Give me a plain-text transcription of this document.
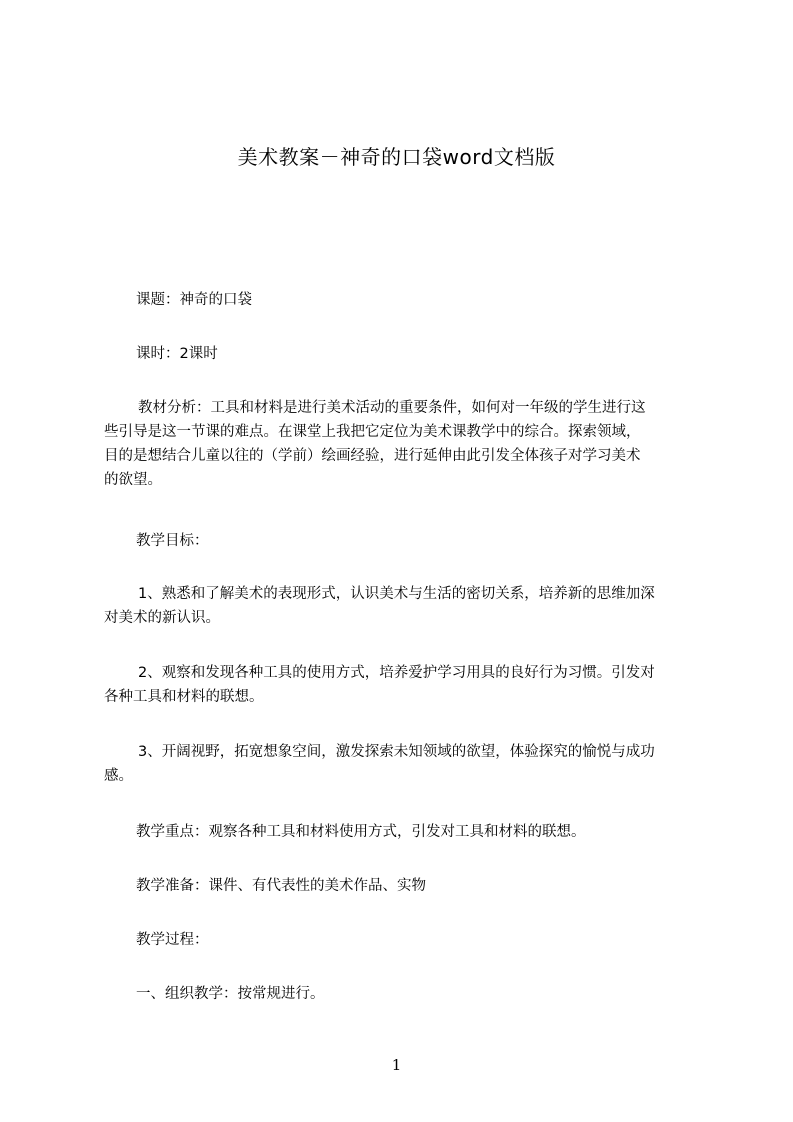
美术教案－神奇的口袋word文档版
课题：神奇的口袋
课时：2课时
教材分析：工具和材料是进行美术活动的重要条件，如何对一年级的学生进行这
些引导是这一节课的难点。在课堂上我把它定位为美术课教学中的综合。探索领域，
目的是想结合儿童以往的（学前）绘画经验，进行延伸由此引发全体孩子对学习美术
的欲望。
教学目标：
1、熟悉和了解美术的表现形式，认识美术与生活的密切关系，培养新的思维加深
对美术的新认识。
2、观察和发现各种工具的使用方式，培养爱护学习用具的良好行为习惯。引发对
各种工具和材料的联想。
3、开阔视野，拓宽想象空间，激发探索未知领域的欲望，体验探究的愉悦与成功
感。
教学重点：观察各种工具和材料使用方式，引发对工具和材料的联想。
教学准备：课件、有代表性的美术作品、实物
教学过程：
一、组织教学：按常规进行。
1
